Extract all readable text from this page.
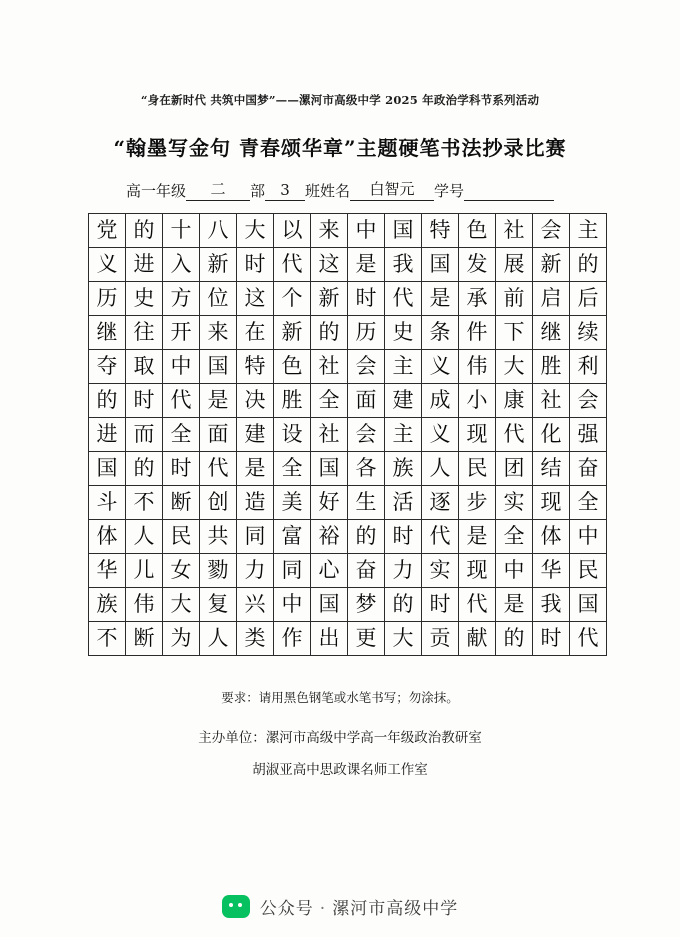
“身在新时代 共筑中国梦”——漯河市高级中学 2025 年政治学科节系列活动
“翰墨写金句 青春颂华章”主题硬笔书法抄录比赛
高一年级	二	部	3	班 姓名	白智元	学号
党	的	十	八	大	以	来	中	国	特	色	社	会	主
义	进	入	新	时	代	这	是	我	国	发	展	新	的
历	史	方	位	这	个	新	时	代	是	承	前	启	后
继	往	开	来	在	新	的	历	史	条	件	下	继	续
夺	取	中	国	特	色	社	会	主	义	伟	大	胜	利
的	时	代	是	决	胜	全	面	建	成	小	康	社	会
进	而	全	面	建	设	社	会	主	义	现	代	化	强
国	的	时	代	是	全	国	各	族	人	民	团	结	奋
斗	不	断	创	造	美	好	生	活	逐	步	实	现	全
体	人	民	共	同	富	裕	的	时	代	是	全	体	中
华	儿	女	勠	力	同	心	奋	力	实	现	中	华	民
族	伟	大	复	兴	中	国	梦	的	时	代	是	我	国
不	断	为	人	类	作	出	更	大	贡	献	的	时	代
要求：请用黑色钢笔或水笔书写；勿涂抹。
主办单位：漯河市高级中学高一年级政治教研室
胡淑亚高中思政课名师工作室
公众号 · 漯河市高级中学
